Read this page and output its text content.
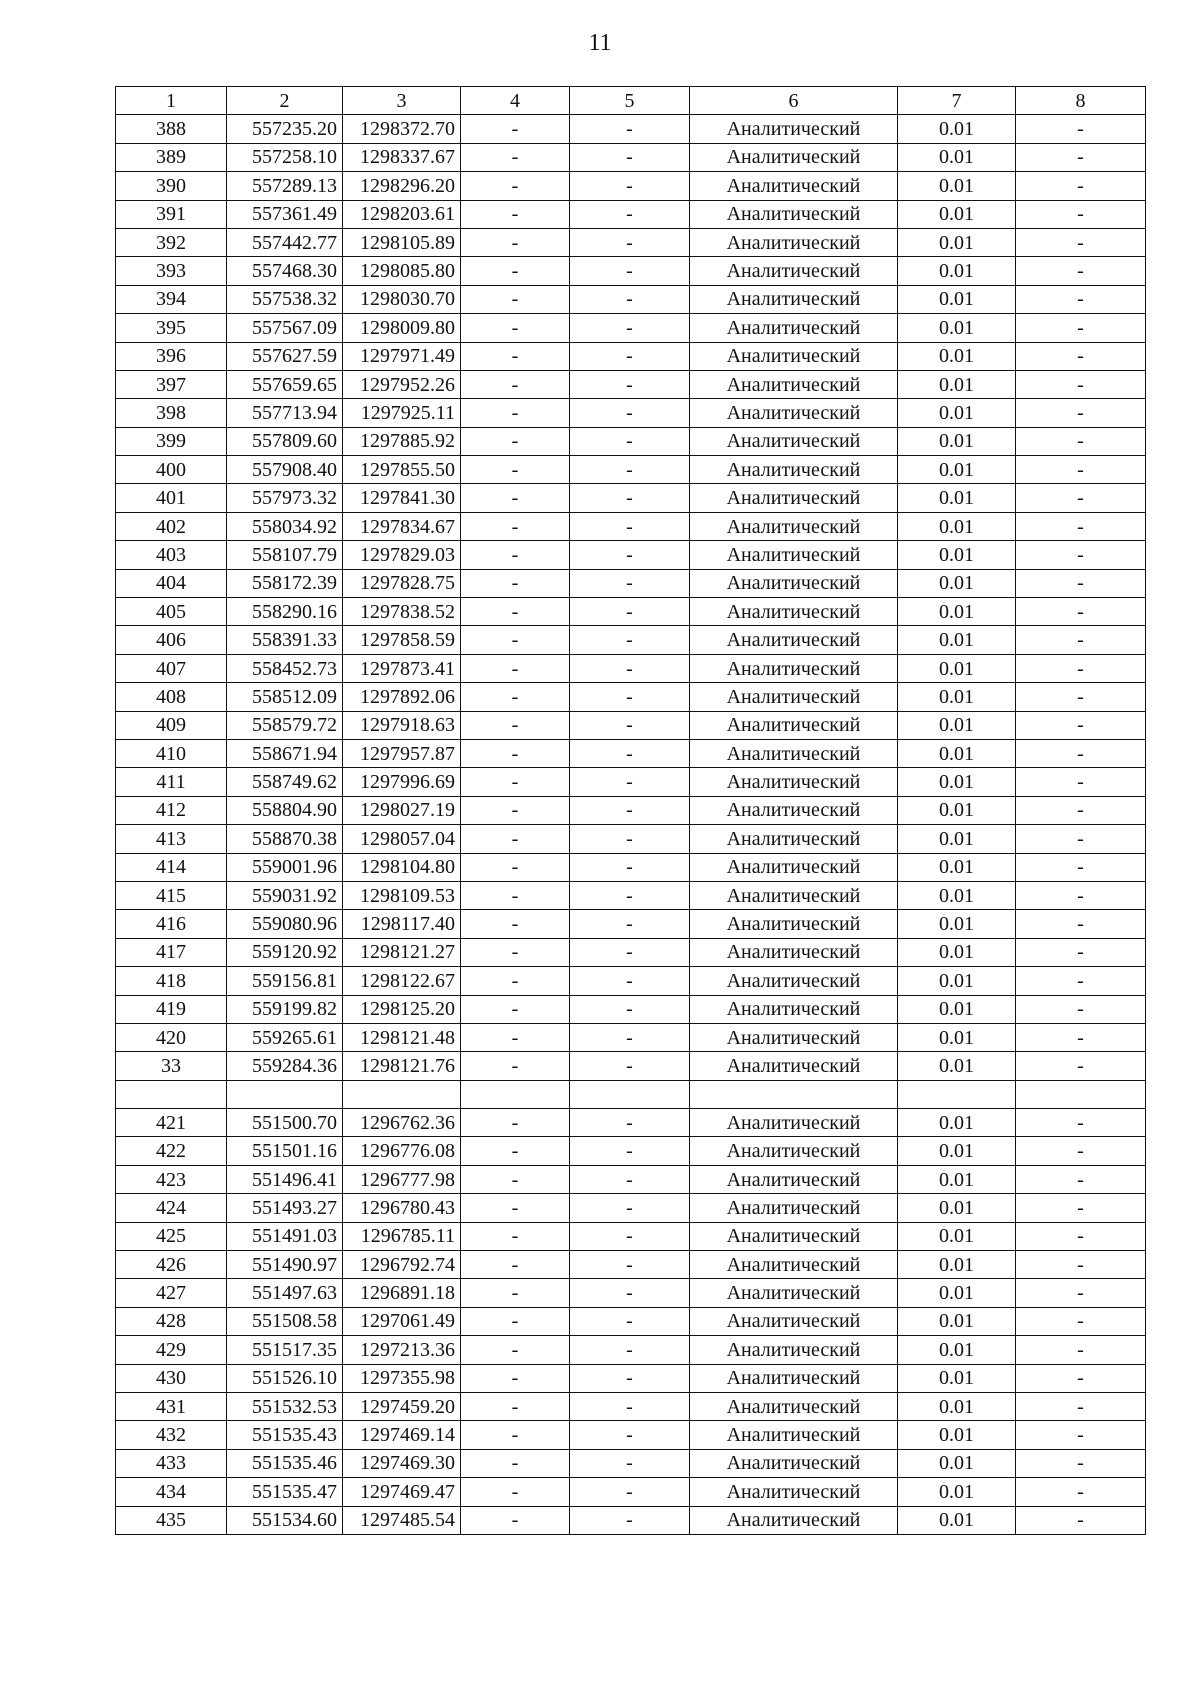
11
1	2	3	4	5	6	7	8
388	557235.20	1298372.70	-	-	Аналитический	0.01	-
389	557258.10	1298337.67	-	-	Аналитический	0.01	-
390	557289.13	1298296.20	-	-	Аналитический	0.01	-
391	557361.49	1298203.61	-	-	Аналитический	0.01	-
392	557442.77	1298105.89	-	-	Аналитический	0.01	-
393	557468.30	1298085.80	-	-	Аналитический	0.01	-
394	557538.32	1298030.70	-	-	Аналитический	0.01	-
395	557567.09	1298009.80	-	-	Аналитический	0.01	-
396	557627.59	1297971.49	-	-	Аналитический	0.01	-
397	557659.65	1297952.26	-	-	Аналитический	0.01	-
398	557713.94	1297925.11	-	-	Аналитический	0.01	-
399	557809.60	1297885.92	-	-	Аналитический	0.01	-
400	557908.40	1297855.50	-	-	Аналитический	0.01	-
401	557973.32	1297841.30	-	-	Аналитический	0.01	-
402	558034.92	1297834.67	-	-	Аналитический	0.01	-
403	558107.79	1297829.03	-	-	Аналитический	0.01	-
404	558172.39	1297828.75	-	-	Аналитический	0.01	-
405	558290.16	1297838.52	-	-	Аналитический	0.01	-
406	558391.33	1297858.59	-	-	Аналитический	0.01	-
407	558452.73	1297873.41	-	-	Аналитический	0.01	-
408	558512.09	1297892.06	-	-	Аналитический	0.01	-
409	558579.72	1297918.63	-	-	Аналитический	0.01	-
410	558671.94	1297957.87	-	-	Аналитический	0.01	-
411	558749.62	1297996.69	-	-	Аналитический	0.01	-
412	558804.90	1298027.19	-	-	Аналитический	0.01	-
413	558870.38	1298057.04	-	-	Аналитический	0.01	-
414	559001.96	1298104.80	-	-	Аналитический	0.01	-
415	559031.92	1298109.53	-	-	Аналитический	0.01	-
416	559080.96	1298117.40	-	-	Аналитический	0.01	-
417	559120.92	1298121.27	-	-	Аналитический	0.01	-
418	559156.81	1298122.67	-	-	Аналитический	0.01	-
419	559199.82	1298125.20	-	-	Аналитический	0.01	-
420	559265.61	1298121.48	-	-	Аналитический	0.01	-
33	559284.36	1298121.76	-	-	Аналитический	0.01	-

421	551500.70	1296762.36	-	-	Аналитический	0.01	-
422	551501.16	1296776.08	-	-	Аналитический	0.01	-
423	551496.41	1296777.98	-	-	Аналитический	0.01	-
424	551493.27	1296780.43	-	-	Аналитический	0.01	-
425	551491.03	1296785.11	-	-	Аналитический	0.01	-
426	551490.97	1296792.74	-	-	Аналитический	0.01	-
427	551497.63	1296891.18	-	-	Аналитический	0.01	-
428	551508.58	1297061.49	-	-	Аналитический	0.01	-
429	551517.35	1297213.36	-	-	Аналитический	0.01	-
430	551526.10	1297355.98	-	-	Аналитический	0.01	-
431	551532.53	1297459.20	-	-	Аналитический	0.01	-
432	551535.43	1297469.14	-	-	Аналитический	0.01	-
433	551535.46	1297469.30	-	-	Аналитический	0.01	-
434	551535.47	1297469.47	-	-	Аналитический	0.01	-
435	551534.60	1297485.54	-	-	Аналитический	0.01	-
